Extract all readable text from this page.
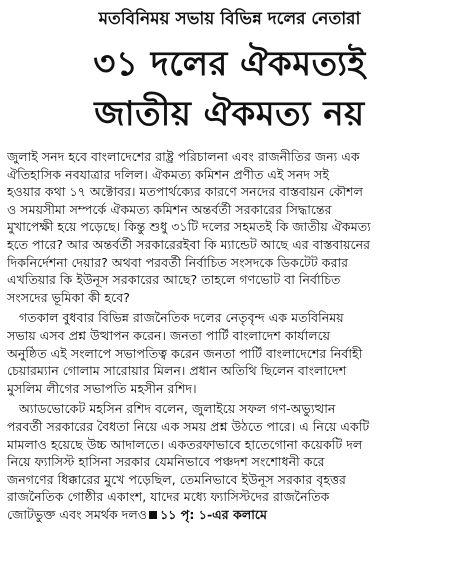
মতবিনিময় সভায় বিভিন্ন দলের নেতারা
৩১ দলের ঐকমত্যই
জাতীয় ঐকমত্য নয়
জুলাই সনদ হবে বাংলাদেশের রাষ্ট্র পরিচালনা এবং রাজনীতির জন্য এক
ঐতিহাসিক নবযাত্রার দলিল। ঐকমত্য কমিশন প্রণীত এই সনদ সই
হওয়ার কথা ১৭ অক্টোবর। মতপার্থক্যের কারণে সনদের বাস্তবায়ন কৌশল
ও সময়সীমা সম্পর্কে ঐকমত্য কমিশন অন্তর্বর্তী সরকারের সিদ্ধান্তের
মুখাপেক্ষী হয়ে পড়েছে। কিন্তু শুধু ৩১টি দলের সহমতই কি জাতীয় ঐকমত্য
হতে পারে? আর অন্তর্বর্তী সরকারেরইবা কি ম্যান্ডেট আছে এর বাস্তবায়নের
দিকনির্দেশনা দেয়ার? অথবা পরবর্তী নির্বাচিত সংসদকে ডিকটেট করার
এখতিয়ার কি ইউনূস সরকারের আছে? তাহলে গণভোট বা নির্বাচিত
সংসদের ভূমিকা কী হবে?
গতকাল বুধবার বিভিন্ন রাজনৈতিক দলের নেতৃবৃন্দ এক মতবিনিময়
সভায় এসব প্রশ্ন উত্থাপন করেন। জনতা পার্টি বাংলাদেশ কার্যালয়ে
অনুষ্ঠিত এই সংলাপে সভাপতিত্ব করেন জনতা পার্টি বাংলাদেশের নির্বাহী
চেয়ারম্যান গোলাম সারোয়ার মিলন। প্রধান অতিথি ছিলেন বাংলাদেশ
মুসলিম লীগের সভাপতি মহসীন রশিদ।
অ্যাডভোকেট মহসিন রশিদ বলেন, জুলাইয়ে সফল গণ-অভ্যুত্থান
পরবর্তী সরকারের বৈধতা নিয়ে এক সময় প্রশ্ন উঠতে পারে। এ নিয়ে একটি
মামলাও হয়েছে উচ্চ আদালতে। একতরফাভাবে হাতেগোনা কয়েকটি দল
নিয়ে ফ্যাসিস্ট হাসিনা সরকার যেমনিভাবে পঞ্চদশ সংশোধনী করে
জনগণের ধিক্কারের মুখে পড়েছিল, তেমনিভাবে ইউনূস সরকার বৃহত্তর
রাজনৈতিক গোষ্ঠীর একাংশ, যাদের মধ্যে ফ্যাসিস্টদের রাজনৈতিক
জোটভুক্ত এবং সমর্থক দলও ১১ পৃ: ১-এর কলামে
